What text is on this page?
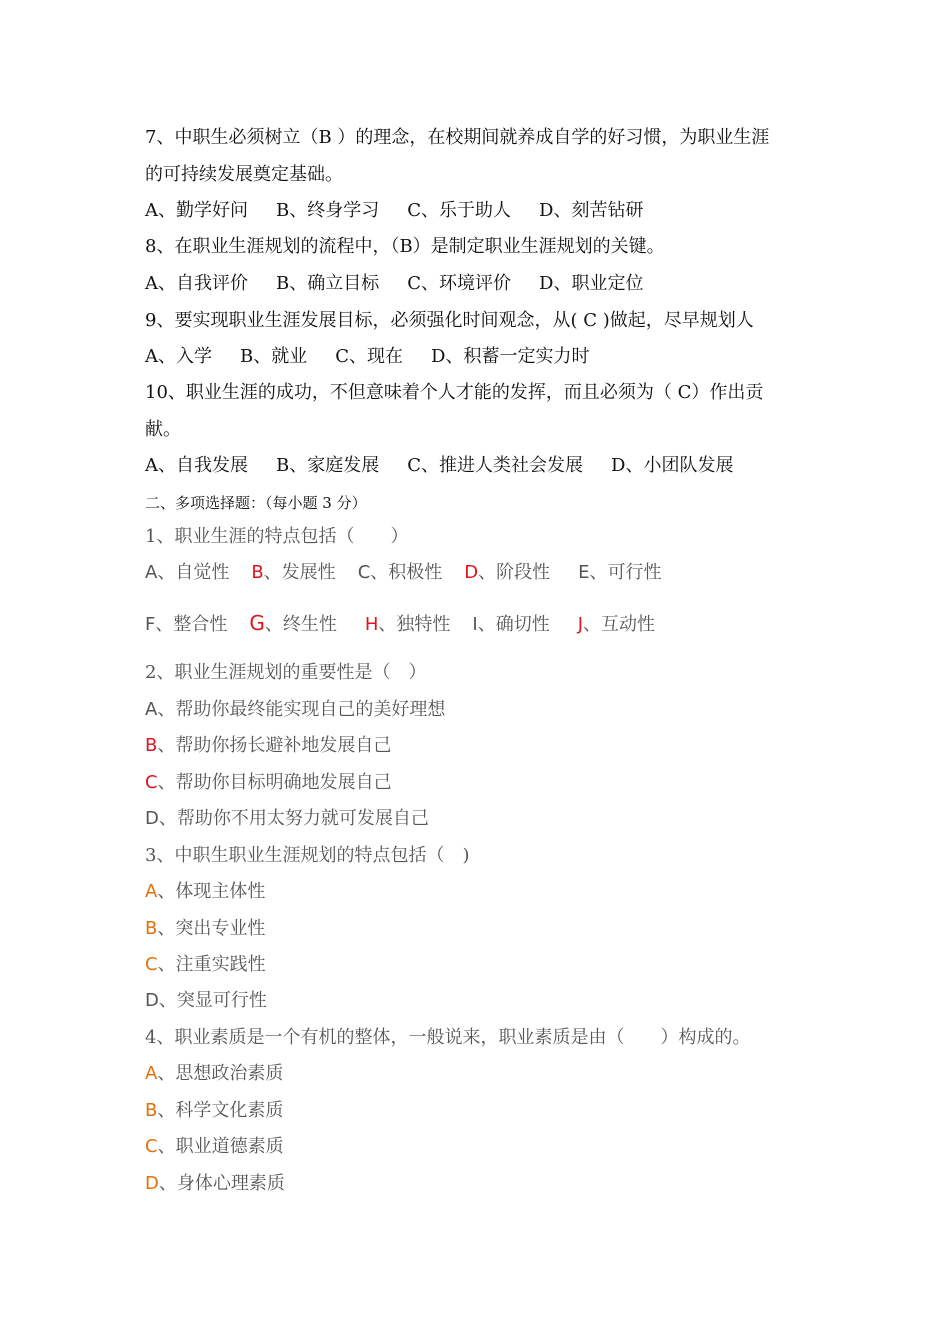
7、中职生必须树立（B ）的理念，在校期间就养成自学的好习惯，为职业生涯
的可持续发展奠定基础。
A、勤学好问 B、终身学习 C、乐于助人 D、刻苦钻研
8、在职业生涯规划的流程中，（B）是制定职业生涯规划的关键。
A、自我评价 B、确立目标 C、环境评价 D、职业定位
9、要实现职业生涯发展目标，必须强化时间观念，从( C )做起，尽早规划人
A、入学 B、就业 C、现在 D、积蓄一定实力时
10、职业生涯的成功，不但意味着个人才能的发挥，而且必须为（ C）作出贡
献。
A、自我发展 B、家庭发展 C、推进人类社会发展 D、小团队发展
二、多项选择题：（每小题 3 分）
1、职业生涯的特点包括（　　）
A、自觉性 B、发展性 C、积极性 D、阶段性 E、可行性
F、整合性 G、终生性 H、独特性 I、确切性 J、互动性
2、职业生涯规划的重要性是（　）
A、帮助你最终能实现自己的美好理想
B、帮助你扬长避补地发展自己
C、帮助你目标明确地发展自己
D、帮助你不用太努力就可发展自己
3、中职生职业生涯规划的特点包括（　)
A、体现主体性
B、突出专业性
C、注重实践性
D、突显可行性
4、职业素质是一个有机的整体，一般说来，职业素质是由（　　）构成的。
A、思想政治素质
B、科学文化素质
C、职业道德素质
D、身体心理素质
